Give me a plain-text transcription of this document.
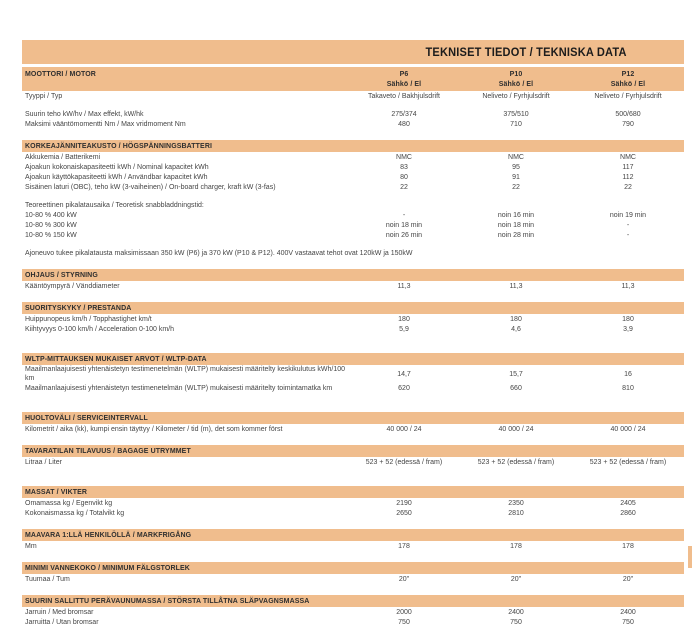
TEKNISET TIEDOT / TEKNISKA DATA
MOOTTORI / MOTOR	P6	P10	P12
Sähkö / El	Sähkö / El	Sähkö / El
Tyyppi / Typ	Takaveto / Bakhjulsdrift	Neliveto / Fyrhjulsdrift	Neliveto / Fyrhjulsdrift
Suurin teho kW/hv / Max effekt, kW/hk	275/374	375/510	500/680
Maksimi vääntömomentti Nm / Max vridmoment Nm	480	710	790
KORKEAJÄNNITEAKUSTO / HÖGSPÄNNINGSBATTERI
Akkukemia / Batterikemi	NMC	NMC	NMC
Ajoakun kokonaiskapasiteetti kWh / Nominal kapacitet kWh	83	95	117
Ajoakun käyttökapasiteetti kWh / Användbar kapacitet kWh	80	91	112
Sisäinen laturi (OBC), teho kW (3-vaiheinen) / On-board charger, kraft kW (3-fas)	22	22	22
Teoreettinen pikalatausaika / Teoretisk snabbladdningstid:
10-80 % 400 kW	-	noin 16 min	noin 19 min
10-80 % 300 kW	noin 18 min	noin 18 min	-
10-80 % 150 kW	noin 26 min	noin 28 min	-
Ajoneuvo tukee pikalatausta maksimissaan 350 kW (P6) ja 370 kW (P10 & P12). 400V vastaavat tehot ovat 120kW ja 150kW
OHJAUS / STYRNING
Kääntöympyrä / Vänddiameter	11,3	11,3	11,3
SUORITYSKYKY / PRESTANDA
Huippunopeus km/h / Topphastighet km/t	180	180	180
Kiihtyvyys 0-100 km/h / Acceleration 0-100 km/h	5,9	4,6	3,9
WLTP-MITTAUKSEN MUKAISET ARVOT / WLTP-DATA
Maailmanlaajuisesti yhtenäistetyn testimenetelmän (WLTP) mukaisesti määritelty keskikulutus kWh/100 km
14,7	15,7	16
Maailmanlaajuisesti yhtenäistetyn testimenetelmän (WLTP) mukaisesti määritelty toimintamatka km	620	660	810
HUOLTOVÄLI / SERVICEINTERVALL
Kilometrit / aika (kk), kumpi ensin täyttyy / Kilometer / tid (m), det som kommer först	40 000 / 24	40 000 / 24	40 000 / 24
TAVARATILAN TILAVUUS / BAGAGE UTRYMMET
Litraa / Liter	523 + 52 (edessä / fram)	523 + 52 (edessä / fram)	523 + 52 (edessä / fram)
MASSAT / VIKTER
Omamassa kg / Egenvikt kg	2190	2350	2405
Kokonaismassa kg / Totalvikt kg	2650	2810	2860
MAAVARA 1:LLÄ HENKILÖLLÄ / MARKFRIGÅNG
Mm	178	178	178
MINIMI VANNEKOKO / MINIMUM FÄLGSTORLEK
Tuumaa / Tum	20"	20"	20"
SUURIN SALLITTU PERÄVAUNUMASSA / STÖRSTA TILLÅTNA SLÄPVAGNSMASSA
Jarruin / Med bromsar	2000	2400	2400
Jarruitta / Utan bromsar	750	750	750
